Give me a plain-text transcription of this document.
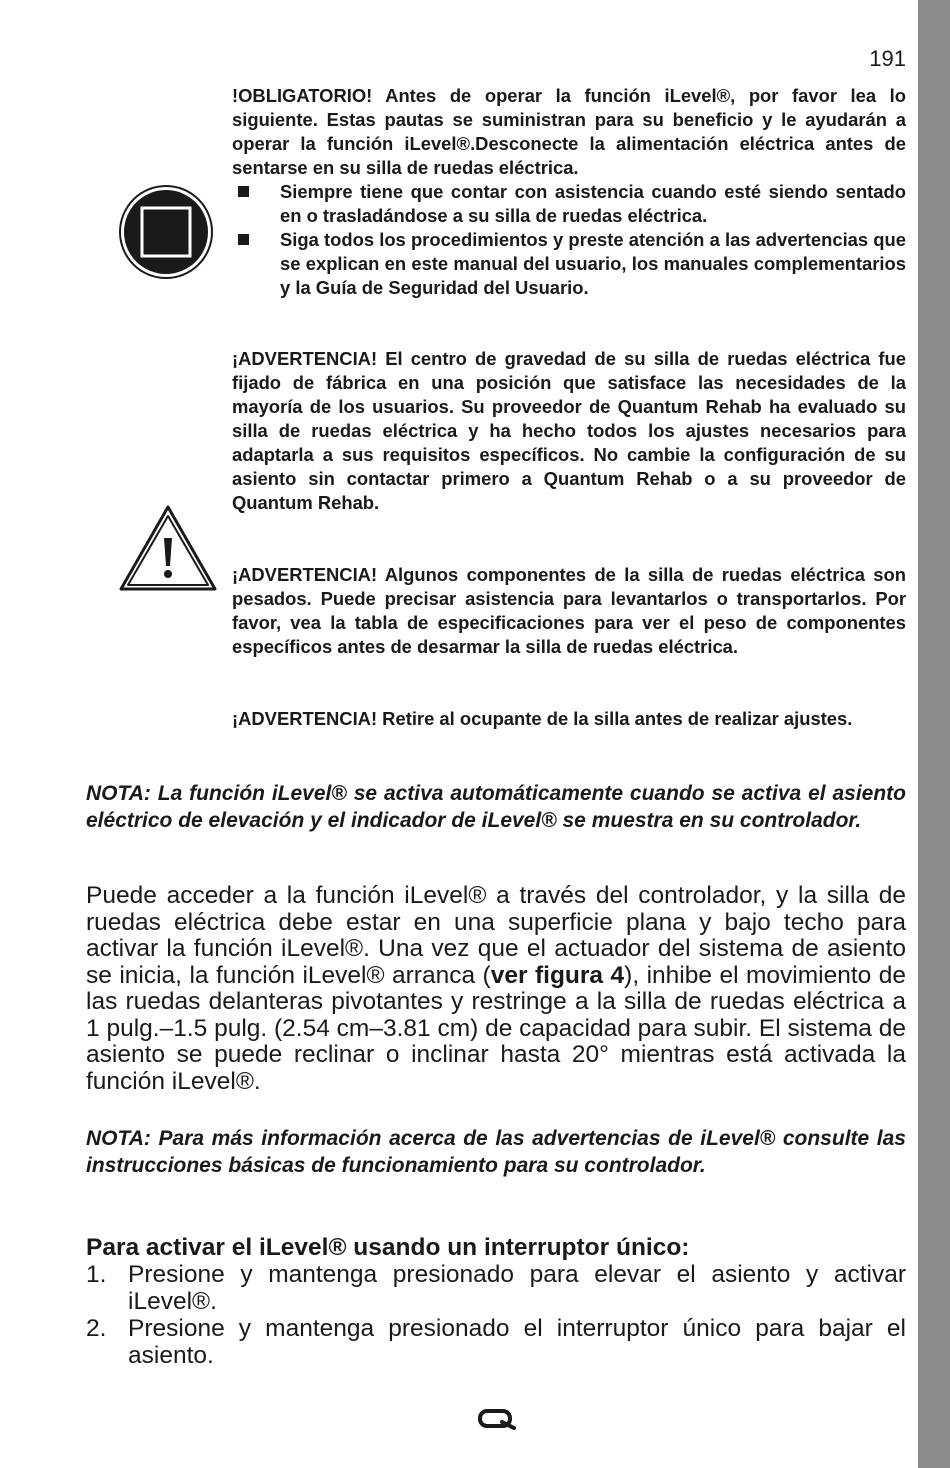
191

!OBLIGATORIO! Antes de operar la función iLevel®, por favor lea lo siguiente. Estas pautas se suministran para su beneficio y le ayudarán a operar la función iLevel®.Desconecte la alimentación eléctrica antes de sentarse en su silla de ruedas eléctrica.

Siempre tiene que contar con asistencia cuando esté siendo sentado en o trasladándose a su silla de ruedas eléctrica.
Siga todos los procedimientos y preste atención a las advertencias que se explican en este manual del usuario, los manuales complementarios y la Guía de Seguridad del Usuario.

¡ADVERTENCIA! El centro de gravedad de su silla de ruedas eléctrica fue fijado de fábrica en una posición que satisface las necesidades de la mayoría de los usuarios. Su proveedor de Quantum Rehab ha evaluado su silla de ruedas eléctrica y ha hecho todos los ajustes necesarios para adaptarla a sus requisitos específicos. No cambie la configuración de su asiento sin contactar primero a Quantum Rehab o a su proveedor de Quantum Rehab.

¡ADVERTENCIA! Algunos componentes de la silla de ruedas eléctrica son pesados. Puede precisar asistencia para levantarlos o transportarlos. Por favor, vea la tabla de especificaciones para ver el peso de componentes específicos antes de desarmar la silla de ruedas eléctrica.

¡ADVERTENCIA! Retire al ocupante de la silla antes de realizar ajustes.

NOTA: La función iLevel® se activa automáticamente cuando se activa el asiento eléctrico de elevación y el indicador de iLevel® se muestra en su controlador.

Puede acceder a la función iLevel® a través del controlador, y la silla de ruedas eléctrica debe estar en una superficie plana y bajo techo para activar la función iLevel®. Una vez que el actuador del sistema de asiento se inicia, la función iLevel® arranca (ver figura 4), inhibe el movimiento de las ruedas delanteras pivotantes y restringe a la silla de ruedas eléctrica a 1 pulg.–1.5 pulg. (2.54 cm–3.81 cm) de capacidad para subir. El sistema de asiento se puede reclinar o inclinar hasta 20° mientras está activada la función iLevel®.

NOTA: Para más información acerca de las advertencias de iLevel® consulte las instrucciones básicas de funcionamiento para su controlador.

Para activar el iLevel® usando un interruptor único:
1. Presione y mantenga presionado para elevar el asiento y activar iLevel®.
2. Presione y mantenga presionado el interruptor único para bajar el asiento.
